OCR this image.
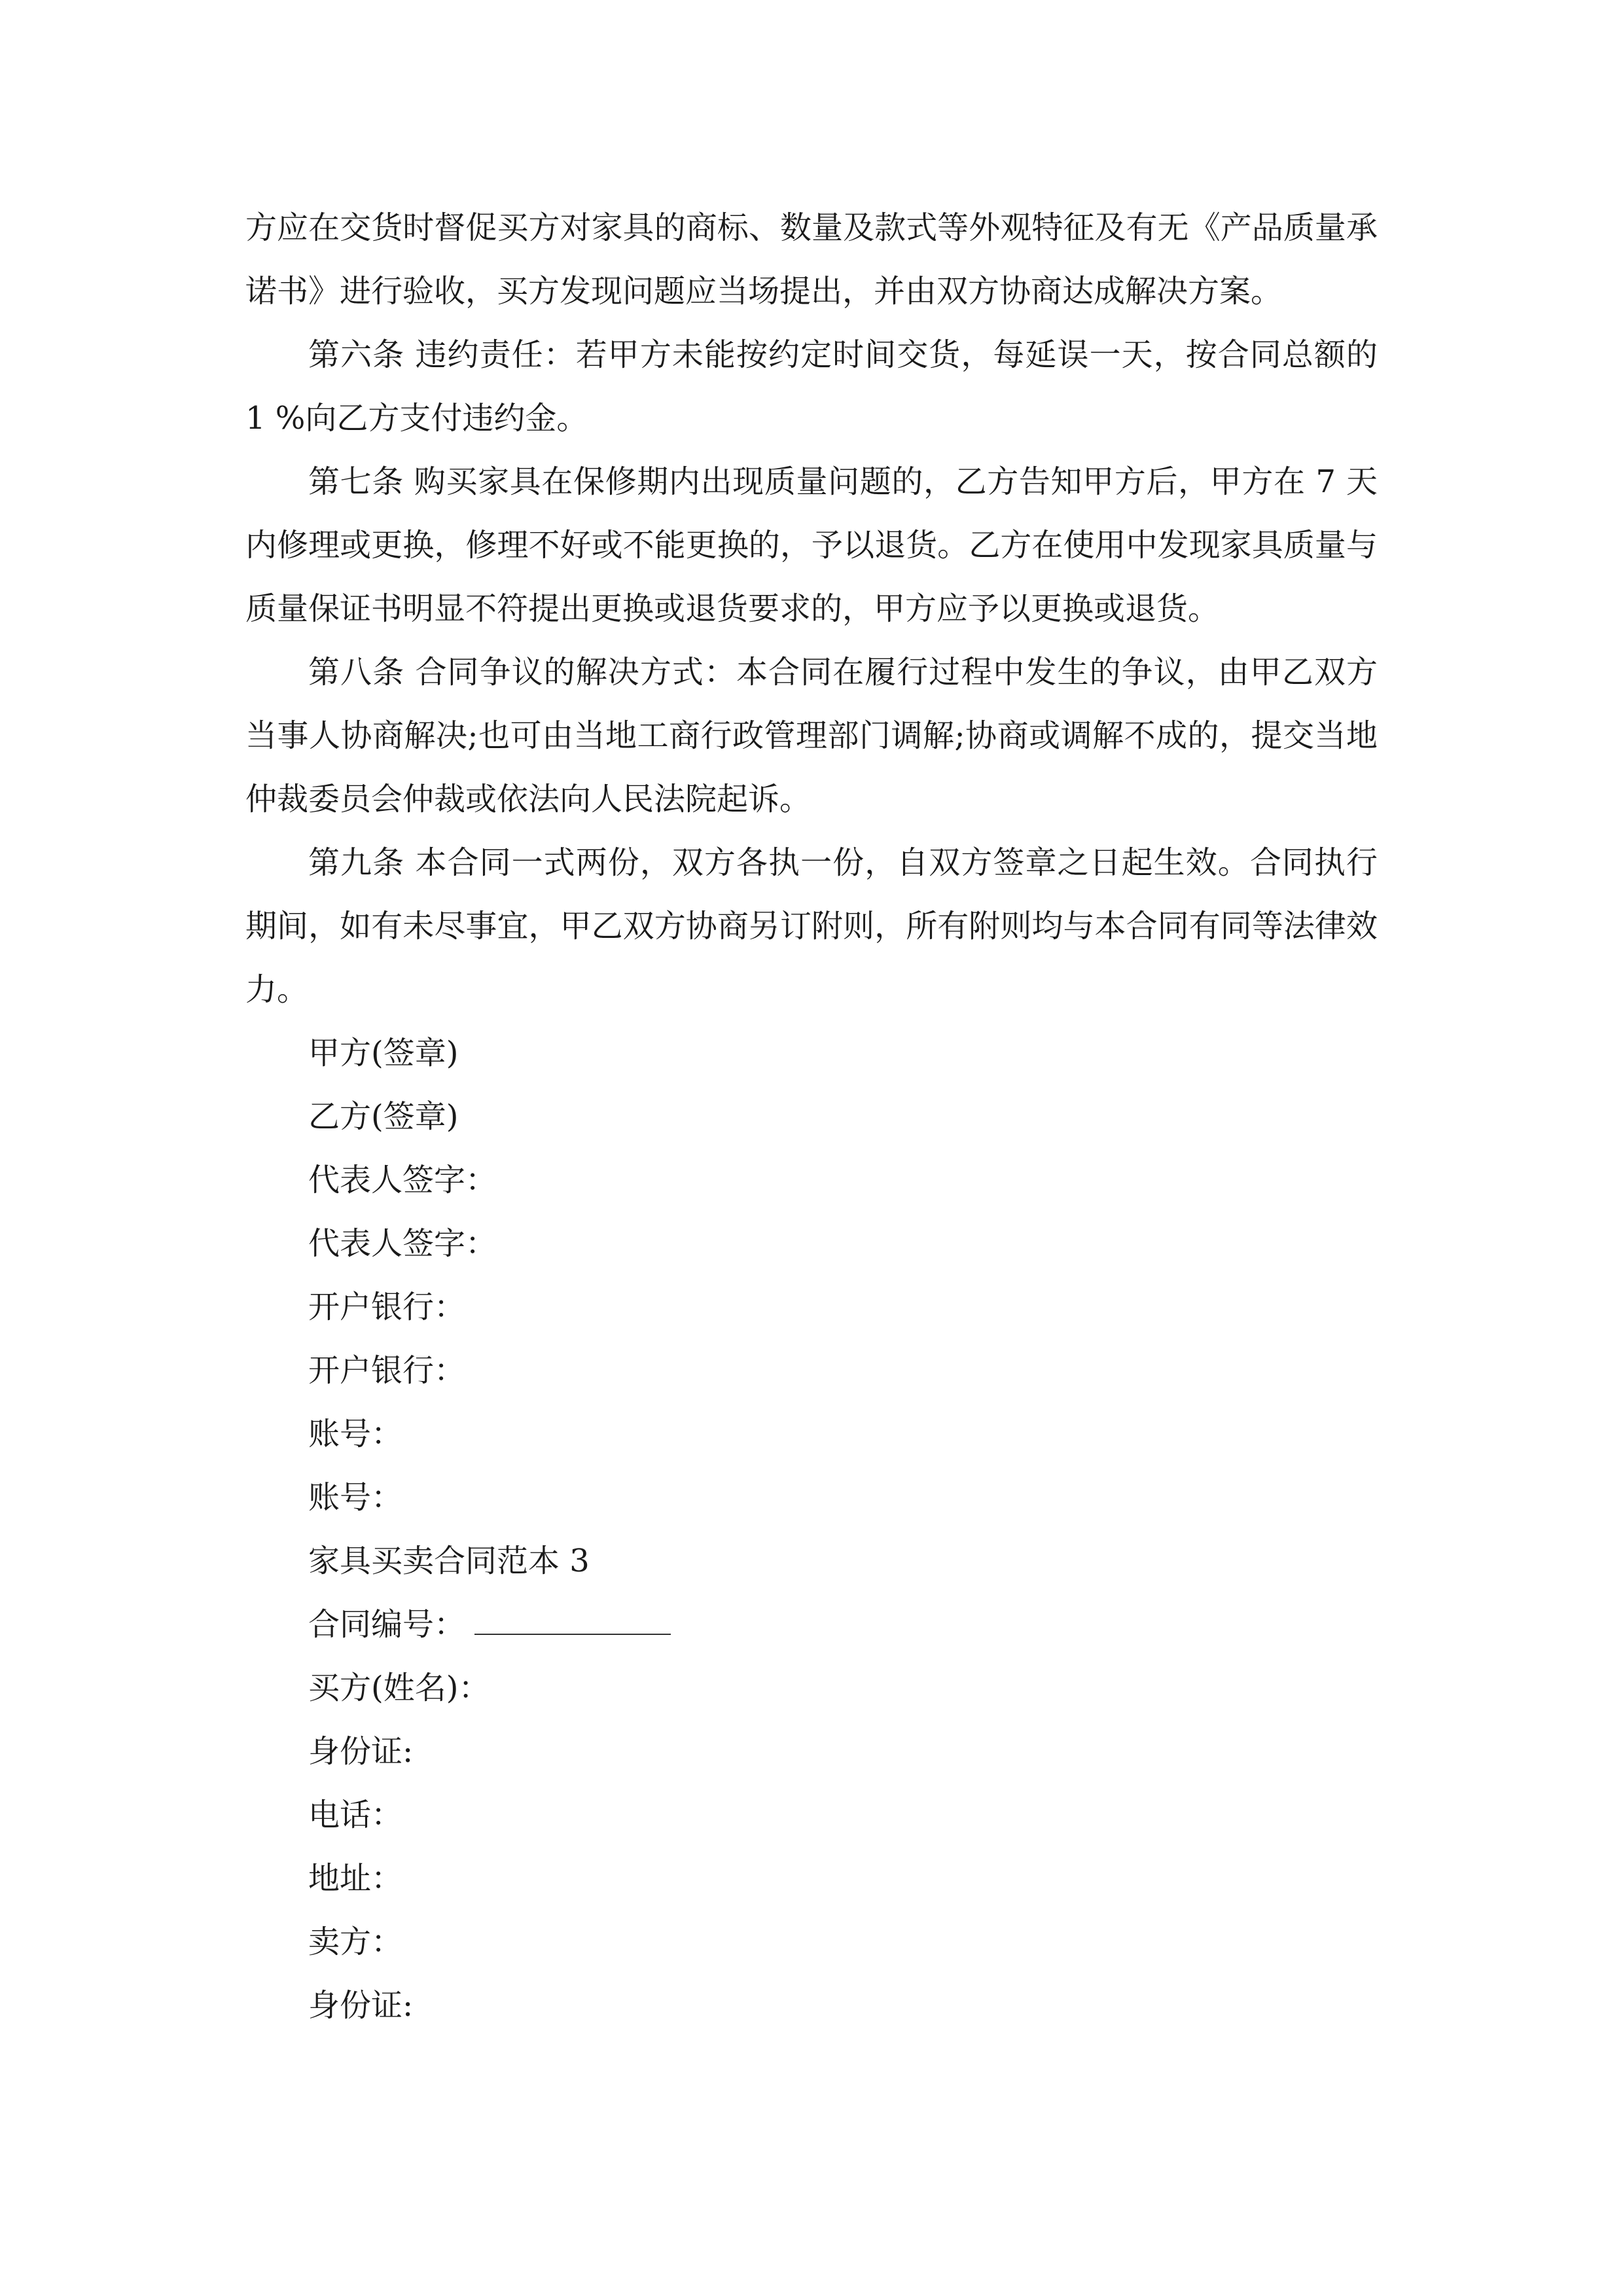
方应在交货时督促买方对家具的商标、数量及款式等外观特征及有无《产品质量承诺书》进行验收，买方发现问题应当场提出，并由双方协商达成解决方案。

第六条 违约责任：若甲方未能按约定时间交货，每延误一天，按合同总额的 1 %向乙方支付违约金。

第七条 购买家具在保修期内出现质量问题的，乙方告知甲方后，甲方在 7 天内修理或更换，修理不好或不能更换的，予以退货。乙方在使用中发现家具质量与质量保证书明显不符提出更换或退货要求的，甲方应予以更换或退货。

第八条 合同争议的解决方式：本合同在履行过程中发生的争议，由甲乙双方当事人协商解决;也可由当地工商行政管理部门调解;协商或调解不成的，提交当地仲裁委员会仲裁或依法向人民法院起诉。

第九条 本合同一式两份，双方各执一份，自双方签章之日起生效。合同执行期间，如有未尽事宜，甲乙双方协商另订附则，所有附则均与本合同有同等法律效力。

甲方(签章)

乙方(签章)

代表人签字：

代表人签字：

开户银行：

开户银行：

账号：

账号：

家具买卖合同范本 3

合同编号：

买方(姓名)：

身份证:

电话：

地址：

卖方：

身份证:
